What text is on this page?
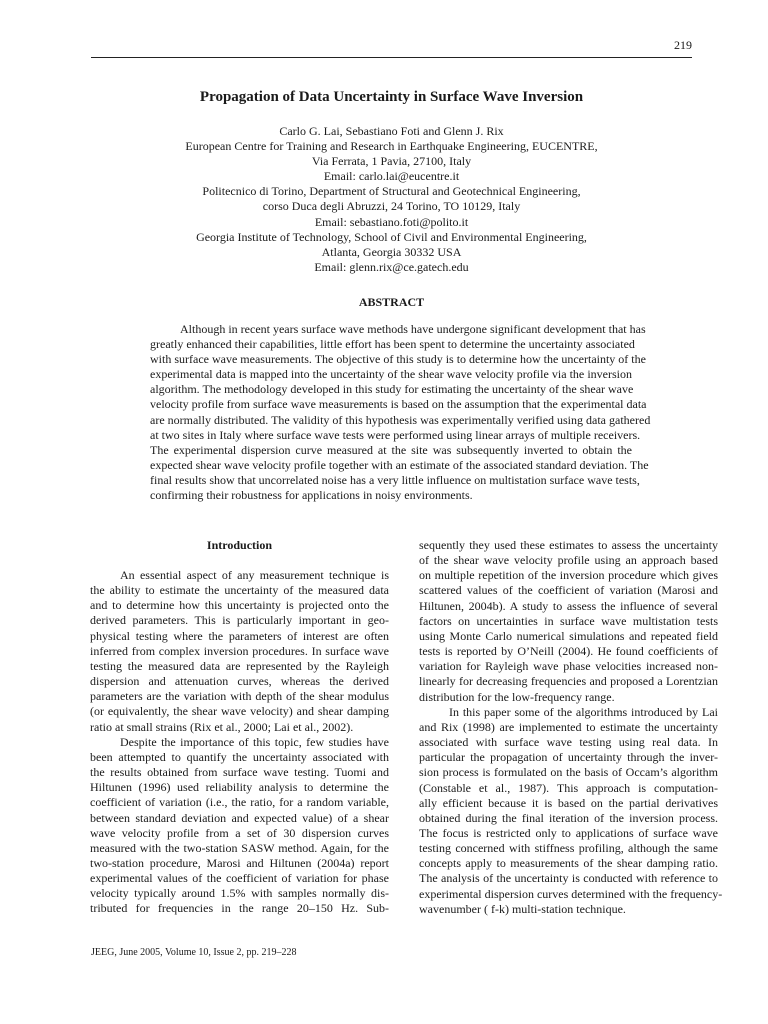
219
Propagation of Data Uncertainty in Surface Wave Inversion
Carlo G. Lai, Sebastiano Foti and Glenn J. Rix
European Centre for Training and Research in Earthquake Engineering, EUCENTRE,
Via Ferrata, 1 Pavia, 27100, Italy
Email: carlo.lai@eucentre.it
Politecnico di Torino, Department of Structural and Geotechnical Engineering,
corso Duca degli Abruzzi, 24 Torino, TO 10129, Italy
Email: sebastiano.foti@polito.it
Georgia Institute of Technology, School of Civil and Environmental Engineering,
Atlanta, Georgia 30332 USA
Email: glenn.rix@ce.gatech.edu
ABSTRACT
Although in recent years surface wave methods have undergone significant development that has
greatly enhanced their capabilities, little effort has been spent to determine the uncertainty associated
with surface wave measurements. The objective of this study is to determine how the uncertainty of the
experimental data is mapped into the uncertainty of the shear wave velocity profile via the inversion
algorithm. The methodology developed in this study for estimating the uncertainty of the shear wave
velocity profile from surface wave measurements is based on the assumption that the experimental data
are normally distributed. The validity of this hypothesis was experimentally verified using data gathered
at two sites in Italy where surface wave tests were performed using linear arrays of multiple receivers.
The experimental dispersion curve measured at the site was subsequently inverted to obtain the
expected shear wave velocity profile together with an estimate of the associated standard deviation. The
final results show that uncorrelated noise has a very little influence on multistation surface wave tests,
confirming their robustness for applications in noisy environments.
Introduction
An essential aspect of any measurement technique is
the ability to estimate the uncertainty of the measured data
and to determine how this uncertainty is projected onto the
derived parameters. This is particularly important in geo-
physical testing where the parameters of interest are often
inferred from complex inversion procedures. In surface wave
testing the measured data are represented by the Rayleigh
dispersion and attenuation curves, whereas the derived
parameters are the variation with depth of the shear modulus
(or equivalently, the shear wave velocity) and shear damping
ratio at small strains (Rix et al., 2000; Lai et al., 2002).
Despite the importance of this topic, few studies have
been attempted to quantify the uncertainty associated with
the results obtained from surface wave testing. Tuomi and
Hiltunen (1996) used reliability analysis to determine the
coefficient of variation (i.e., the ratio, for a random variable,
between standard deviation and expected value) of a shear
wave velocity profile from a set of 30 dispersion curves
measured with the two-station SASW method. Again, for the
two-station procedure, Marosi and Hiltunen (2004a) report
experimental values of the coefficient of variation for phase
velocity typically around 1.5% with samples normally dis-
tributed for frequencies in the range 20–150 Hz. Sub-
sequently they used these estimates to assess the uncertainty
of the shear wave velocity profile using an approach based
on multiple repetition of the inversion procedure which gives
scattered values of the coefficient of variation (Marosi and
Hiltunen, 2004b). A study to assess the influence of several
factors on uncertainties in surface wave multistation tests
using Monte Carlo numerical simulations and repeated field
tests is reported by O’Neill (2004). He found coefficients of
variation for Rayleigh wave phase velocities increased non-
linearly for decreasing frequencies and proposed a Lorentzian
distribution for the low-frequency range.
In this paper some of the algorithms introduced by Lai
and Rix (1998) are implemented to estimate the uncertainty
associated with surface wave testing using real data. In
particular the propagation of uncertainty through the inver-
sion process is formulated on the basis of Occam’s algorithm
(Constable et al., 1987). This approach is computation-
ally efficient because it is based on the partial derivatives
obtained during the final iteration of the inversion process.
The focus is restricted only to applications of surface wave
testing concerned with stiffness profiling, although the same
concepts apply to measurements of the shear damping ratio.
The analysis of the uncertainty is conducted with reference to
experimental dispersion curves determined with the frequency-
wavenumber ( f-k) multi-station technique.
JEEG, June 2005, Volume 10, Issue 2, pp. 219–228
